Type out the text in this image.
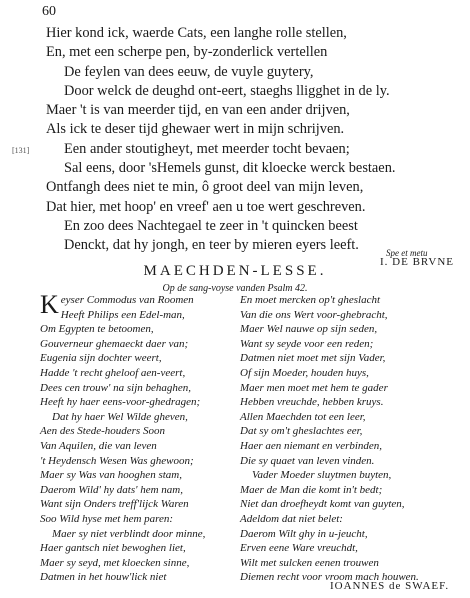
60
[131]
Hier kond ick, waerde Cats, een langhe rolle stellen,
En, met een scherpe pen, by-zonderlick vertellen
De feylen van dees eeuw, de vuyle guytery,
Door welck de deughd ont-eert, staeghs lligghet in de ly.
Maer 't is van meerder tijd, en van een ander drijven,
Als ick te deser tijd ghewaer wert in mijn schrijven.
Een ander stoutigheyt, met meerder tocht bevaen;
Sal eens, door 'sHemels gunst, dit kloecke werck bestaen.
Ontfangh dees niet te min, ô groot deel van mijn leven,
Dat hier, met hoop' en vreef' aen u toe wert geschreven.
En zoo dees Nachtegael te zeer in 't quincken beest
Denckt, dat hy jongh, en teer by mieren eyers leeft.	Spe et metu
I. DE BRVNE
MAECHDEN-LESSE.
Op de sang-voyse vanden Psalm 42.
Keyser Commodus van Roomen
Heeft Philips een Edel-man,
Om Egypten te betoomen,
Gouverneur ghemaeckt daer van;
Eugenia sijn dochter weert,
Hadde 't recht gheloof aen-veert,
Dees cen trouw' na sijn behaghen,
Heeft hy haer eens-voor-ghedragen;
Dat hy haer Wel Wilde gheven,
Aen des Stede-houders Soon
Van Aquilen, die van leven
't Heydensch Wesen Was ghewoon;
Maer sy Was van hooghen stam,
Daerom Wild' hy dats' hem nam,
Want sijn Onders treff'lijck Waren
Soo Wild hyse met hem paren:
Maer sy niet verblindt door minne,
Haer gantsch niet bewoghen liet,
Maer sy seyd, met kloecken sinne,
Datmen in het houw'lick niet
En moet mercken op't gheslacht
Van die ons Wert voor-ghebracht,
Maer Wel nauwe op sijn seden,
Want sy seyde voor een reden;
Datmen niet moet met sijn Vader,
Of sijn Moeder, houden huys,
Maer men moet met hem te gader
Hebben vreuchde, hebben kruys.
Allen Maechden tot een leer,
Dat sy om't gheslachtes eer,
Haer aen niemant en verbinden,
Die sy quaet van leven vinden.
Vader Moeder sluytmen buyten,
Maer de Man die komt in't bedt;
Niet dan droefheydt komt van guyten,
Adeldom dat niet belet:
Daerom Wilt ghy in u-jeucht,
Erven eene Ware vreuchdt,
Wilt met sulcken eenen trouwen
Diemen recht voor vroom mach houwen.
IOANNES de SWAEF.
